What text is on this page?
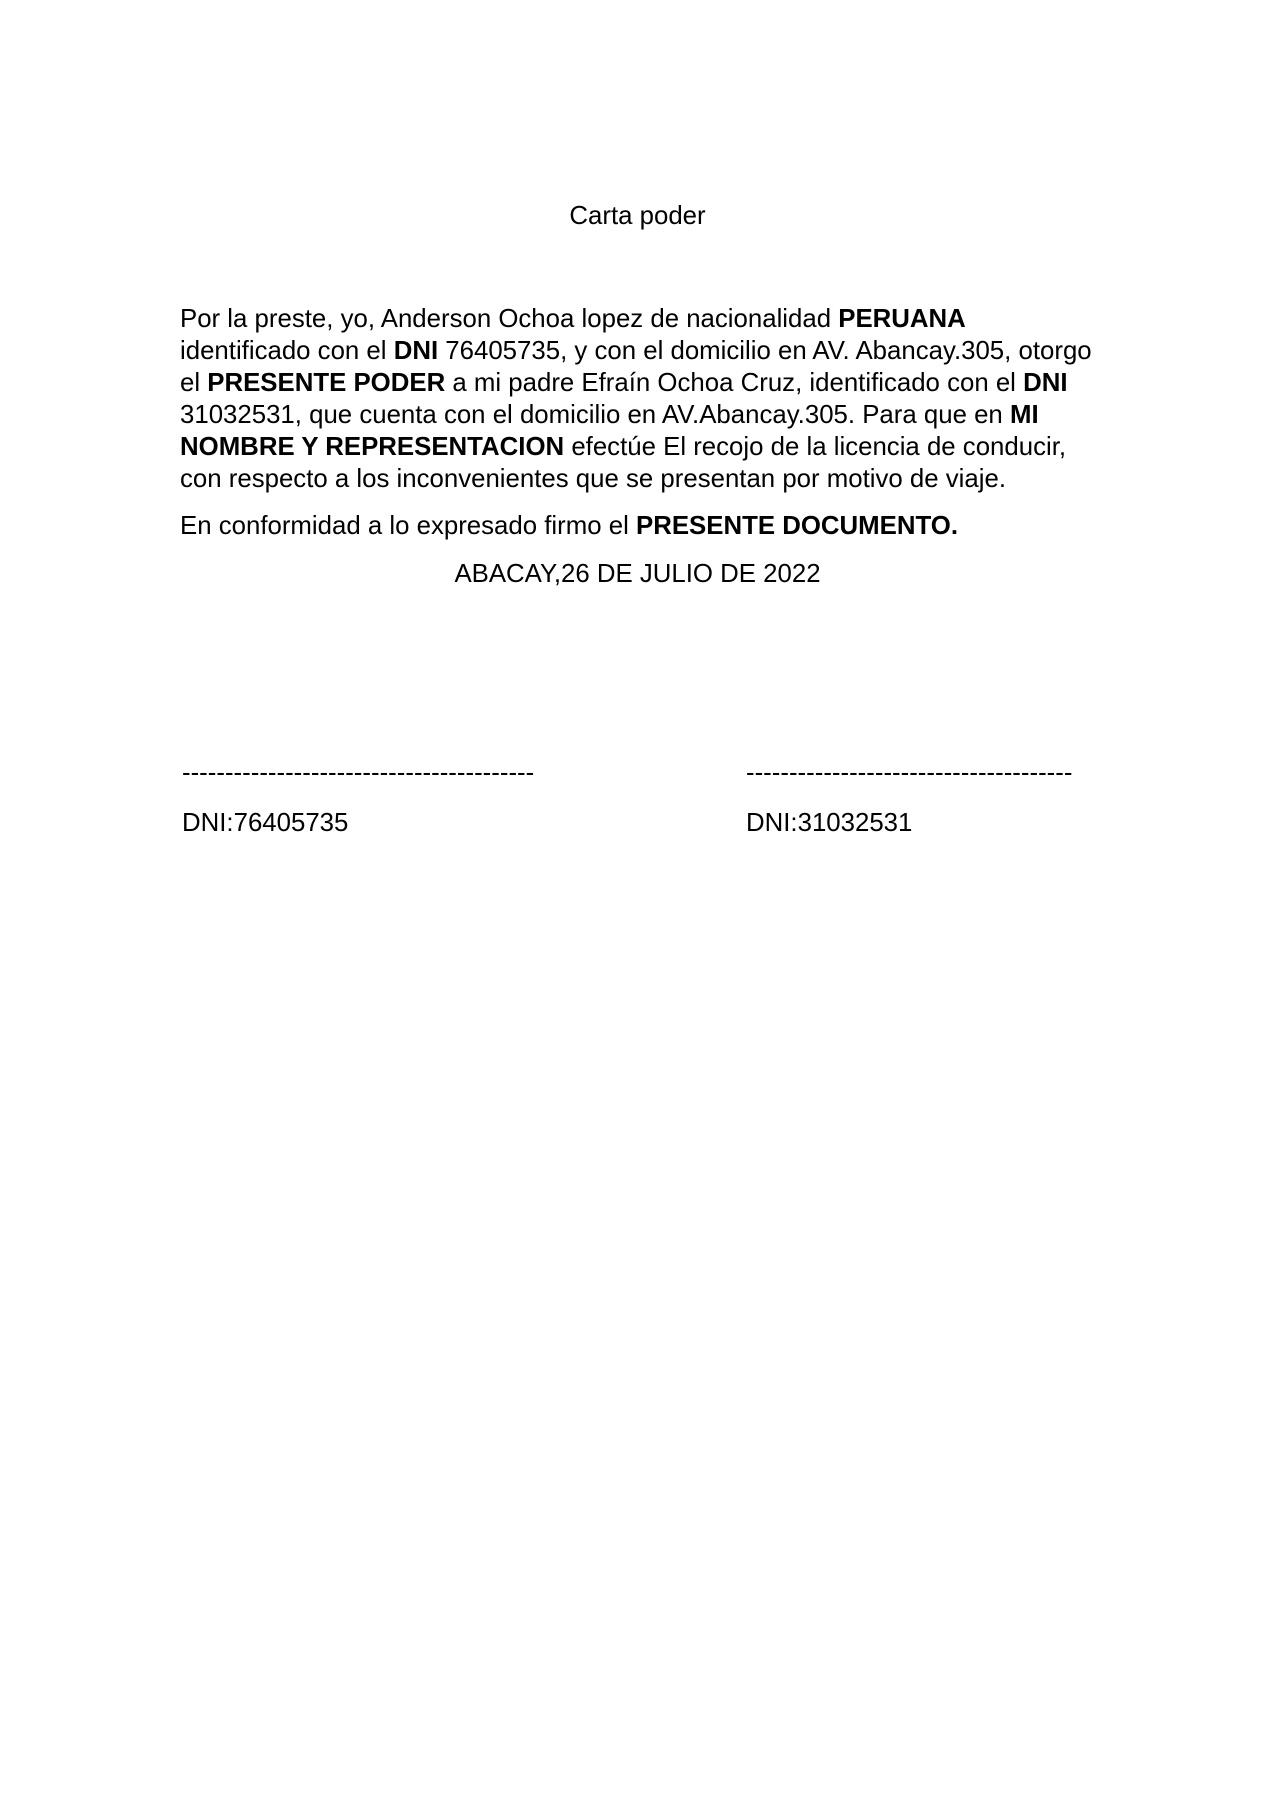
Carta poder

Por la preste, yo, Anderson Ochoa lopez de nacionalidad PERUANA identificado con el DNI 76405735, y con el domicilio en AV. Abancay.305, otorgo el PRESENTE PODER a mi padre Efraín Ochoa Cruz, identificado con el DNI 31032531, que cuenta con el domicilio en AV.Abancay.305. Para que en MI NOMBRE Y REPRESENTACION efectúe El recojo de la licencia de conducir, con respecto a los inconvenientes que se presentan por motivo de viaje.

En conformidad a lo expresado firmo el PRESENTE DOCUMENTO.

ABACAY,26 DE JULIO DE 2022

-----------------------------------------	--------------------------------------
DNI:76405735	DNI:31032531
